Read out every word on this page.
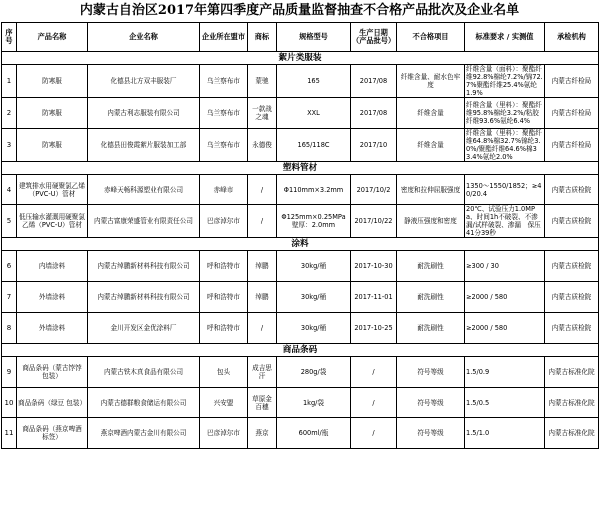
内蒙古自治区2017年第四季度产品质量监督抽查不合格产品批次及企业名单
序号	产品名称	企业名称	企业所在盟市	商标	规格型号	生产日期（产品批号）	不合格项目	标准要求 / 实测值	承检机构
絮片类服装									
1	防寒服	化德县北方双丰服装厂	乌兰察布市	蒙驰	165	2017/08	纤维含量、耐水色牢度	纤维含量（面料）：聚酯纤维92.8%棉纶7.2%/锦72.7%聚酯纤维25.4%氨纶1.9%	内蒙古纤检局
2	防寒服	内蒙古利志服装有限公司	乌兰察布市	一款战之魂	XXL	2017/08	纤维含量	纤维含量（里料）：聚酯纤维95.8%棉纶3.2%/粘胶纤维93.6%氨纶6.4%	内蒙古纤检局
3	防寒服	化德县田俊霞絮片服装加工部	乌兰察布市	永德俊	165/118C	2017/10	纤维含量	纤维含量（里料）：聚酯纤维64.8%棉32.7%锦纶3.0%/聚酯纤维64.6%棉33.4%氨纶2.0%	内蒙古纤检局
塑料管材									
4	建筑排水用硬聚氯乙烯（PVC-U）管材	赤峰天畅科源塑业有限公司	赤峰市	/	Φ110mm×3.2mm	2017/10/2	密度和拉伸屈服强度	1350～1550/1852；≥40/20.4	内蒙古质检院
5	低压输水灌溉用硬聚氯乙烯（PVC-U）管材	内蒙古富康荣盛管业有限责任公司	巴彦淖尔市	/	Φ125mm×0.25MPa 壁厚：2.0mm	2017/10/22	静液压强度和密度	20℃、试验压力1.0MPa、时间1h不破裂、不渗漏/试样破裂、渗漏　保压41分39秒	内蒙古质检院
涂料									
6	内墙涂料	内蒙古绰鹏新材料科技有限公司	呼和浩特市	绰鹏	30kg/桶	2017-10-30	耐洗刷性	≥300 / 30	内蒙古质检院
7	外墙涂料	内蒙古绰鹏新材料科技有限公司	呼和浩特市	绰鹏	30kg/桶	2017-11-01	耐洗刷性	≥2000 / 580	内蒙古质检院
8	外墙涂料	金川开发区金优涂料厂	呼和浩特市	/	30kg/桶	2017-10-25	耐洗刷性	≥2000 / 580	内蒙古质检院
商品条码									
9	商品条码（蒙古饽饽 包装）	内蒙古铁木真食品有限公司	包头	成吉思汗	280g/袋	/	符号等级	1.5/0.9	内蒙古标准化院
10	商品条码（绿豆 包装）	内蒙古德群粮食储运有限公司	兴安盟	草原金百穗	1kg/袋	/	符号等级	1.5/0.5	内蒙古标准化院
11	商品条码（燕京啤酒 标签）	燕京啤酒内蒙古金川有限公司	巴彦淖尔市	燕京	600ml/瓶	/	符号等级	1.5/1.0	内蒙古标准化院
